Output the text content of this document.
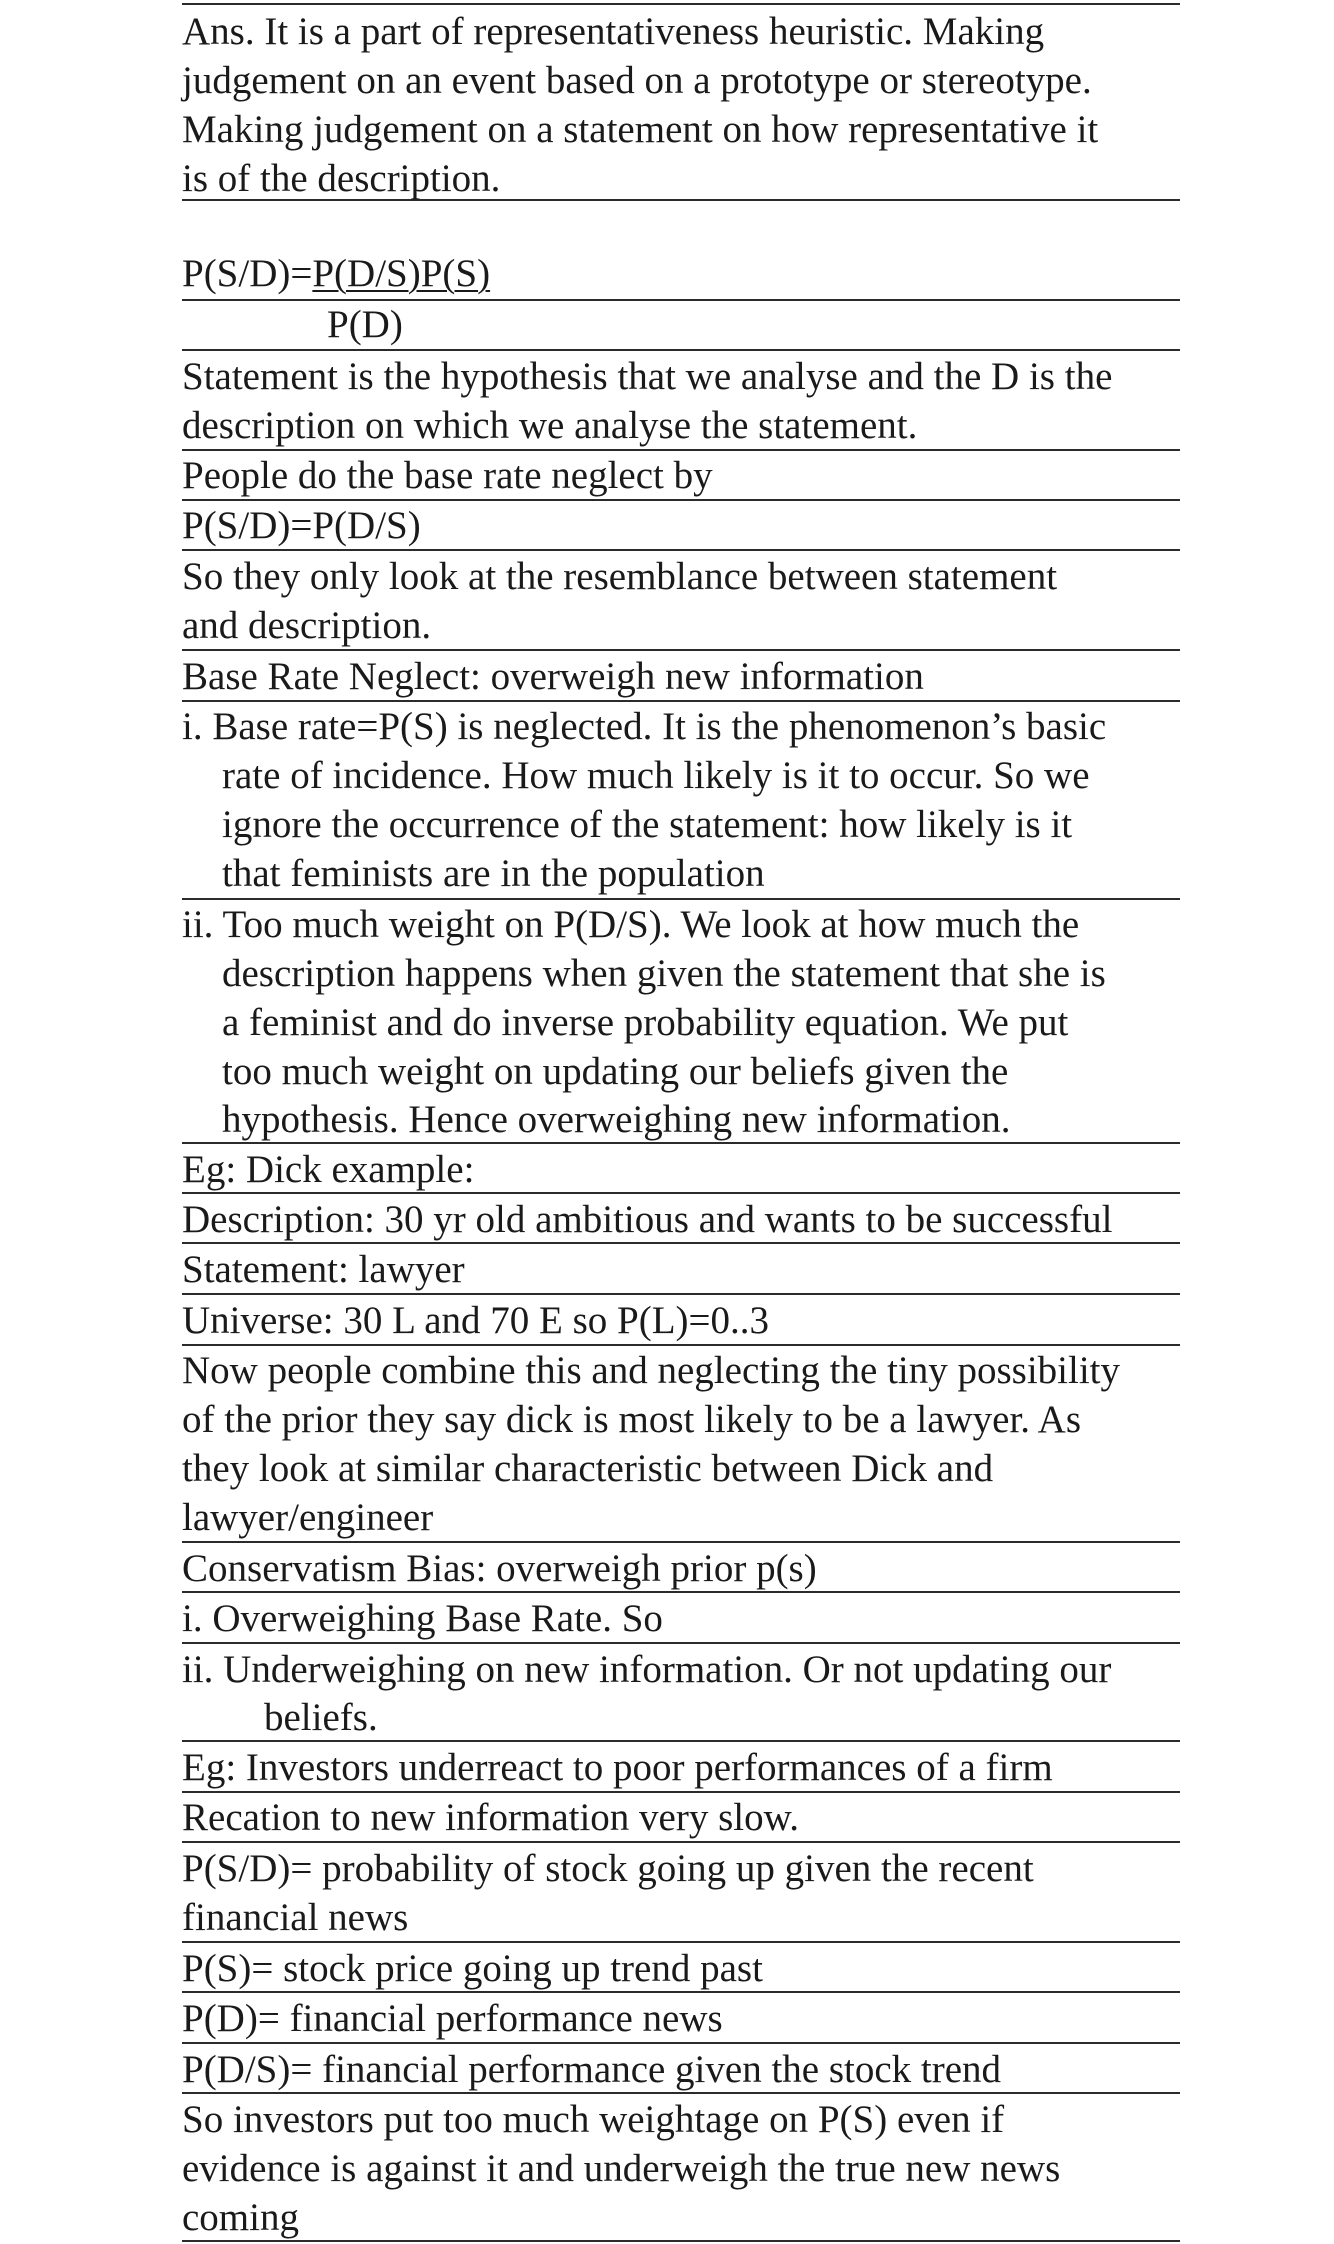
Ans. It is a part of representativeness heuristic. Making
judgement on an event based on a prototype or stereotype.
Making judgement on a statement on how representative it
is of the description.
P(S/D)=P(D/S)P(S)
P(D)
Statement is the hypothesis that we analyse and the D is the
description on which we analyse the statement.
People do the base rate neglect by
P(S/D)=P(D/S)
So they only look at the resemblance between statement
and description.
Base Rate Neglect: overweigh new information
i. Base rate=P(S) is neglected. It is the phenomenon’s basic
rate of incidence. How much likely is it to occur. So we
ignore the occurrence of the statement: how likely is it
that feminists are in the population
ii. Too much weight on P(D/S). We look at how much the
description happens when given the statement that she is
a feminist and do inverse probability equation. We put
too much weight on updating our beliefs given the
hypothesis. Hence overweighing new information.
Eg: Dick example:
Description: 30 yr old ambitious and wants to be successful
Statement: lawyer
Universe: 30 L and 70 E so P(L)=0..3
Now people combine this and neglecting the tiny possibility
of the prior they say dick is most likely to be a lawyer. As
they look at similar characteristic between Dick and
lawyer/engineer
Conservatism Bias: overweigh prior p(s)
i. Overweighing Base Rate. So
ii. Underweighing on new information. Or not updating our
beliefs.
Eg: Investors underreact to poor performances of a firm
Recation to new information very slow.
P(S/D)= probability of stock going up given the recent
financial news
P(S)= stock price going up trend past
P(D)= financial performance news
P(D/S)= financial performance given the stock trend
So investors put too much weightage on P(S) even if
evidence is against it and underweigh the true new news
coming
